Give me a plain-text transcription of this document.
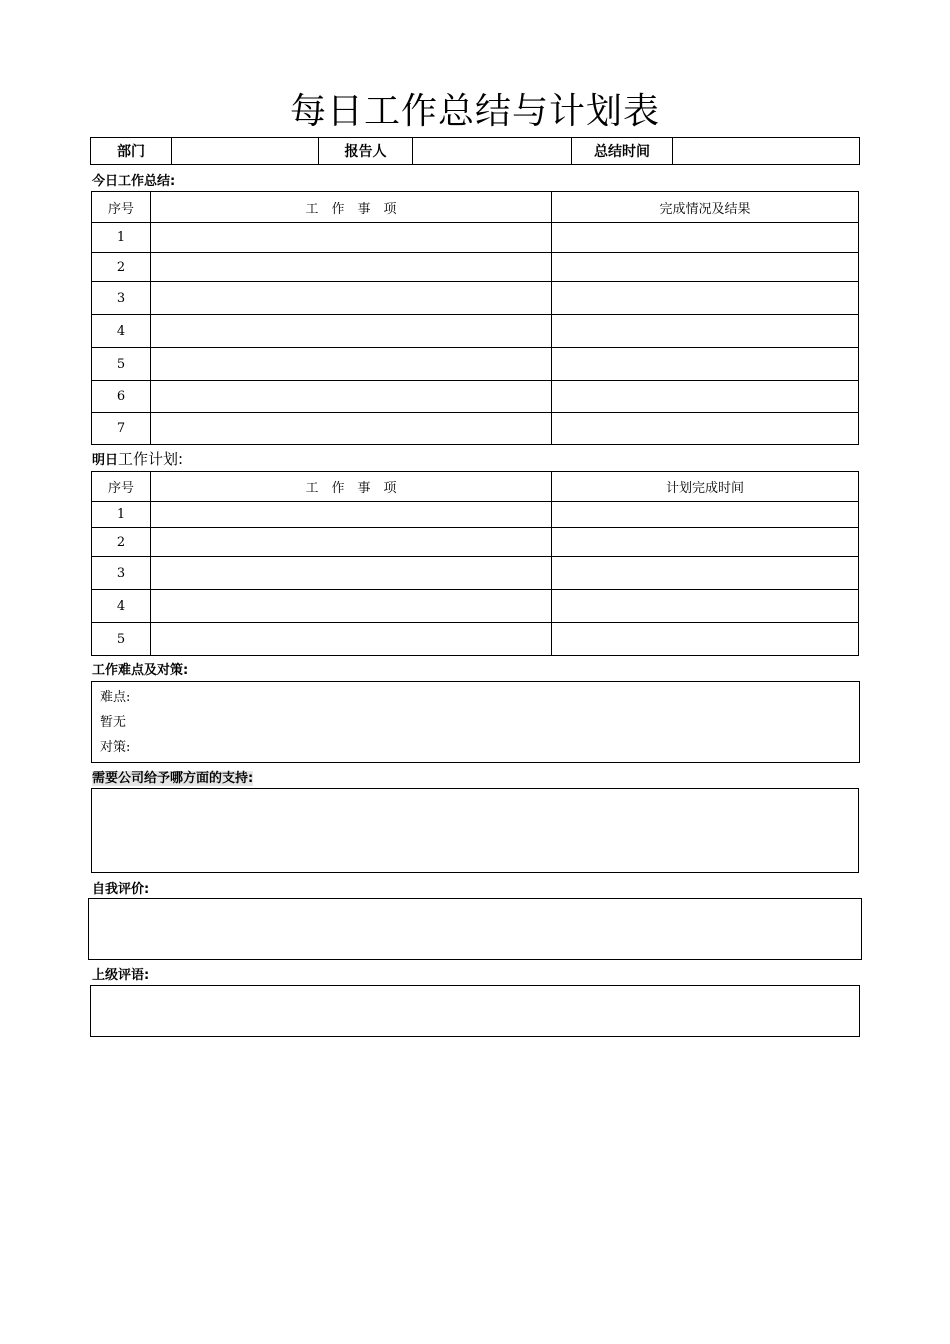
每日工作总结与计划表
部门		报告人		总结时间	
今日工作总结:
序号	工　作　事　项	完成情况及结果
1		
2		
3		
4		
5		
6		
7		
明日工作计划:
序号	工　作　事　项	计划完成时间
1		
2		
3		
4		
5		
工作难点及对策:
难点:
暂无
对策:
需要公司给予哪方面的支持:
自我评价:
上级评语:
